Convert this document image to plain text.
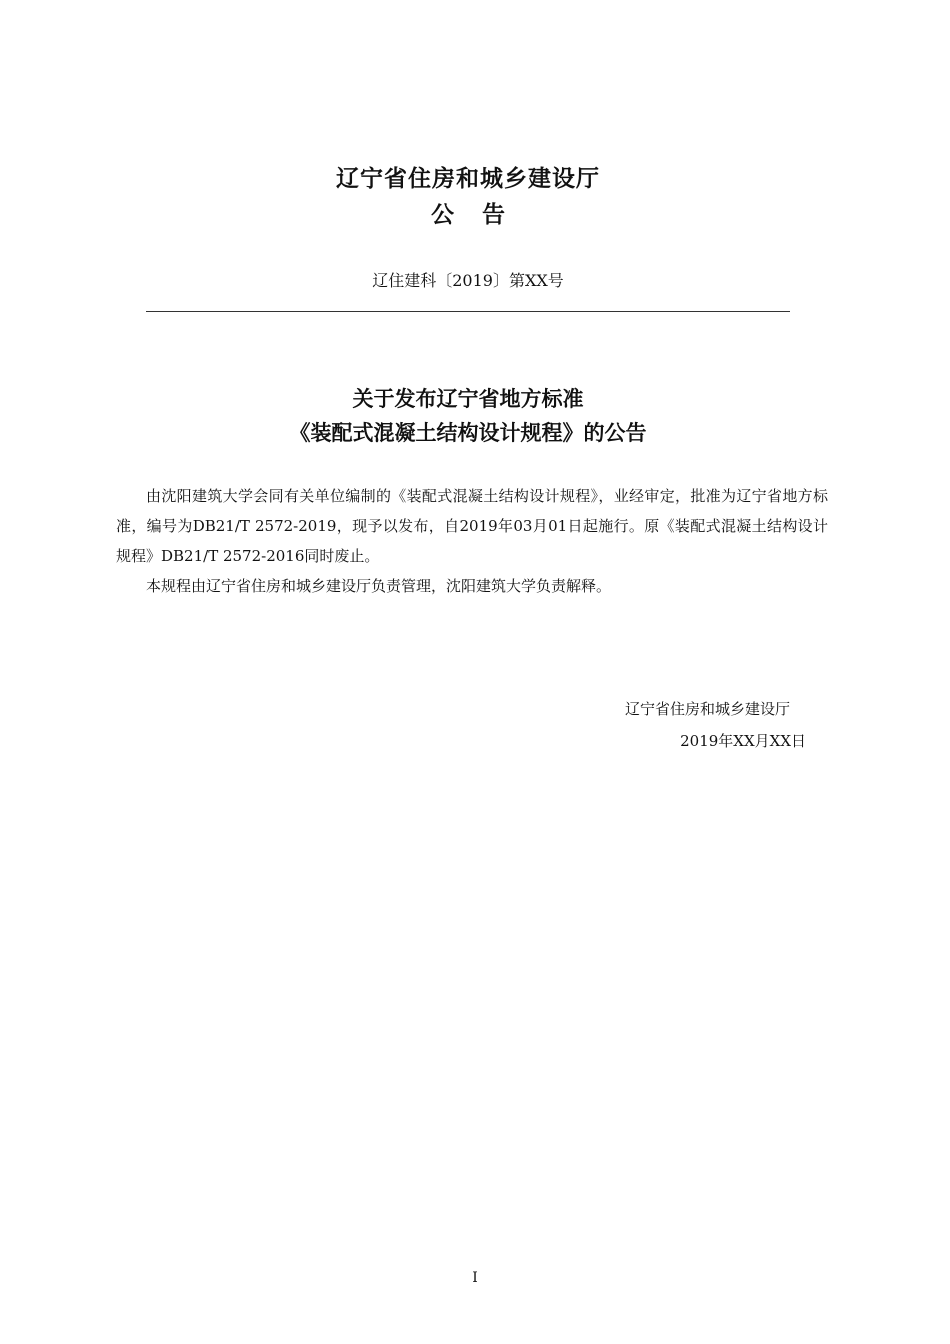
辽宁省住房和城乡建设厅
公告
辽住建科〔2019〕第XX号
关于发布辽宁省地方标准
《装配式混凝土结构设计规程》的公告

由沈阳建筑大学会同有关单位编制的《装配式混凝土结构设计规程》，业经审定，批准为辽宁省地方标准，编号为DB21/T 2572-2019，现予以发布，自2019年03月01日起施行。原《装配式混凝土结构设计规程》DB21/T 2572-2016同时废止。

本规程由辽宁省住房和城乡建设厅负责管理，沈阳建筑大学负责解释。

辽宁省住房和城乡建设厅
2019年XX月XX日
I
